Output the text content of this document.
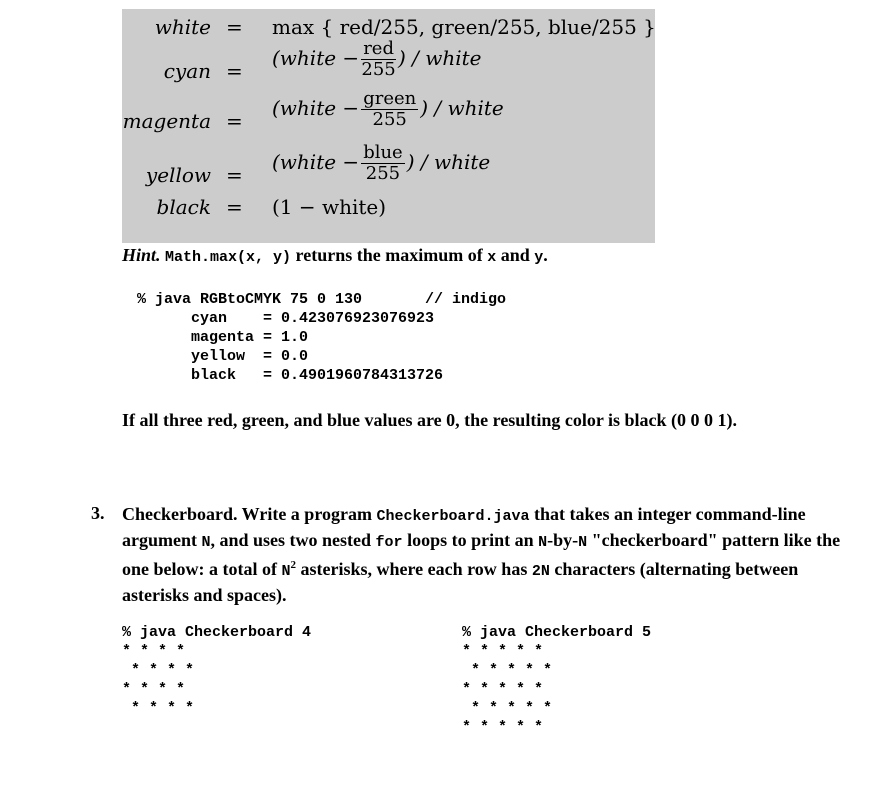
white = max { red/255, green/255, blue/255 }
cyan =
(white − $\frac{\text{red}}{255}$ ) / white
magenta =
(white − $\frac{\text{green}}{255}$ ) / white
yellow =
(white − $\frac{\text{blue}}{255}$ ) / white
black = (1 − white)
Hint. Math.max(x, y) returns the maximum of x and y.
% java RGBtoCMYK 75 0 130       // indigo
cyan    = 0.423076923076923
magenta = 1.0
yellow  = 0.0
black   = 0.4901960784313726
If all three red, green, and blue values are 0, the resulting color is black (0 0 0 1).
3. Checkerboard. Write a program Checkerboard.java that takes an integer command-line argument N, and uses two nested for loops to print an N-by-N "checkerboard" pattern like the one below: a total of $N^2$ asterisks, where each row has 2N characters (alternating between asterisks and spaces).
% java Checkerboard 4
* * * *
* * * *
* * * *
* * * *
% java Checkerboard 5
* * * * *
* * * * *
* * * * *
* * * * *
* * * * *
